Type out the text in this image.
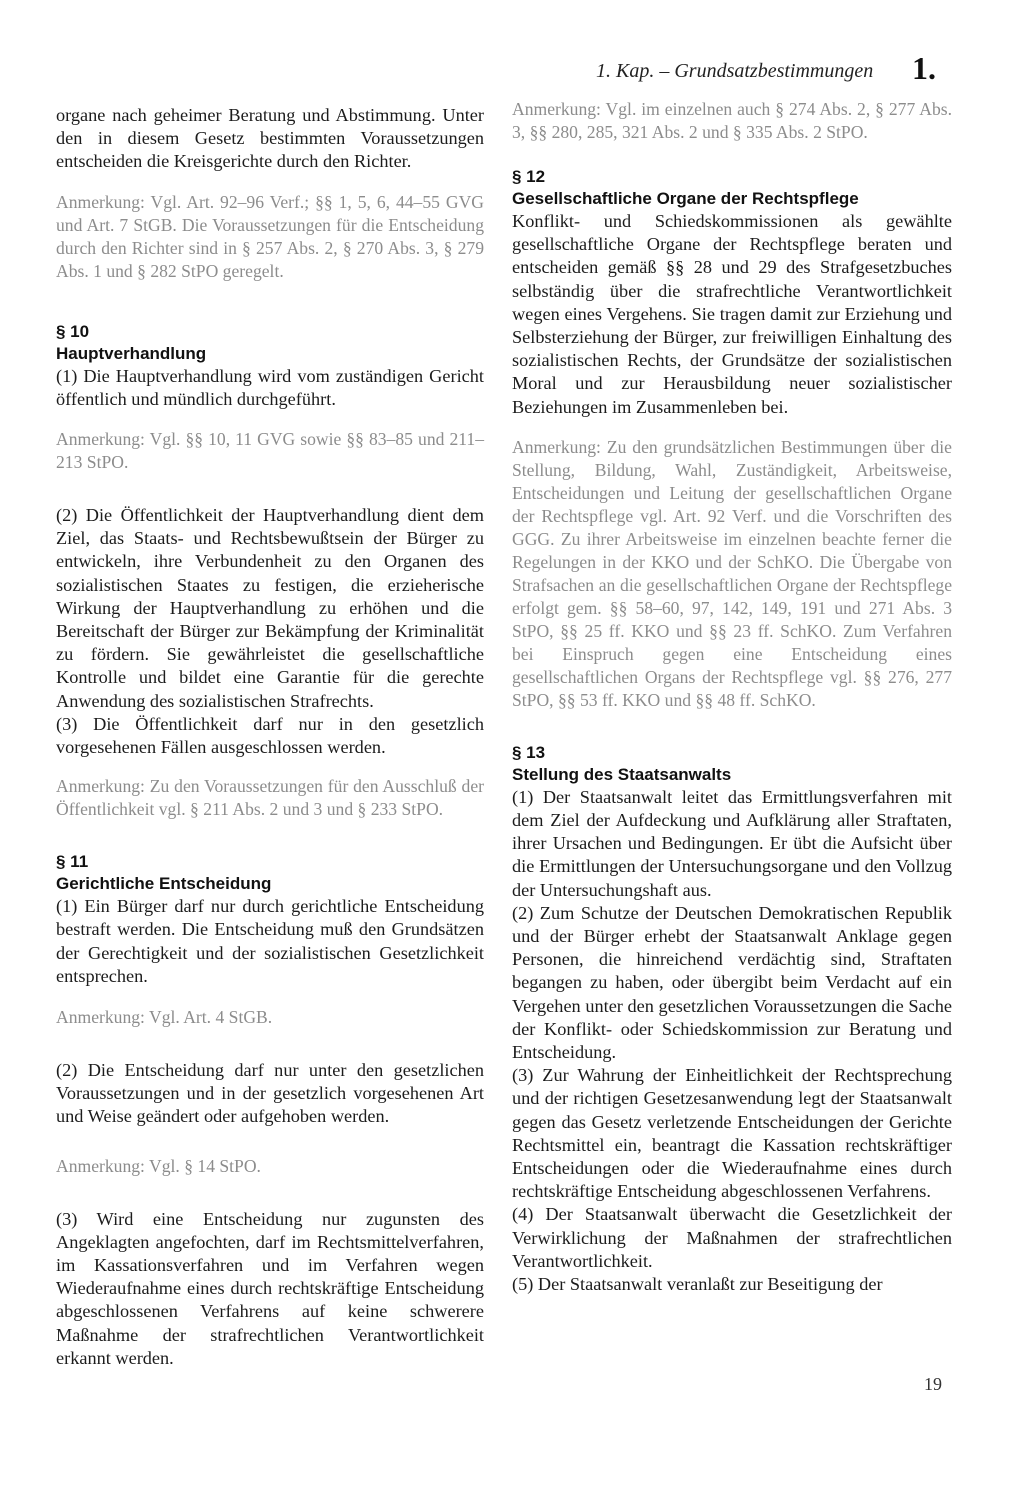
1. Kap. – Grundsatzbestimmungen 1.

organe nach geheimer Beratung und Abstimmung. Unter den in diesem Gesetz bestimmten Voraussetzungen entscheiden die Kreisgerichte durch den Richter.

Anmerkung: Vgl. Art. 92–96 Verf.; §§ 1, 5, 6, 44–55 GVG und Art. 7 StGB. Die Voraussetzungen für die Entscheidung durch den Richter sind in § 257 Abs. 2, § 270 Abs. 3, § 279 Abs. 1 und § 282 StPO geregelt.

§ 10

Hauptverhandlung

(1) Die Hauptverhandlung wird vom zuständigen Gericht öffentlich und mündlich durchgeführt.

Anmerkung: Vgl. §§ 10, 11 GVG sowie §§ 83–85 und 211–213 StPO.

(2) Die Öffentlichkeit der Hauptverhandlung dient dem Ziel, das Staats- und Rechtsbewußtsein der Bürger zu entwickeln, ihre Verbundenheit zu den Organen des sozialistischen Staates zu festigen, die erzieherische Wirkung der Hauptverhandlung zu erhöhen und die Bereitschaft der Bürger zur Bekämpfung der Kriminalität zu fördern. Sie gewährleistet die gesellschaftliche Kontrolle und bildet eine Garantie für die gerechte Anwendung des sozialistischen Strafrechts.

(3) Die Öffentlichkeit darf nur in den gesetzlich vorgesehenen Fällen ausgeschlossen werden.

Anmerkung: Zu den Voraussetzungen für den Ausschluß der Öffentlichkeit vgl. § 211 Abs. 2 und 3 und § 233 StPO.

§ 11

Gerichtliche Entscheidung

(1) Ein Bürger darf nur durch gerichtliche Entscheidung bestraft werden. Die Entscheidung muß den Grundsätzen der Gerechtigkeit und der sozialistischen Gesetzlichkeit entsprechen.

Anmerkung: Vgl. Art. 4 StGB.

(2) Die Entscheidung darf nur unter den gesetzlichen Voraussetzungen und in der gesetzlich vorgesehenen Art und Weise geändert oder aufgehoben werden.

Anmerkung: Vgl. § 14 StPO.

(3) Wird eine Entscheidung nur zugunsten des Angeklagten angefochten, darf im Rechtsmittelverfahren, im Kassationsverfahren und im Verfahren wegen Wiederaufnahme eines durch rechtskräftige Entscheidung abgeschlossenen Verfahrens auf keine schwerere Maßnahme der strafrechtlichen Verantwortlichkeit erkannt werden.

Anmerkung: Vgl. im einzelnen auch § 274 Abs. 2, § 277 Abs. 3, §§ 280, 285, 321 Abs. 2 und § 335 Abs. 2 StPO.

§ 12

Gesellschaftliche Organe der Rechtspflege

Konflikt- und Schiedskommissionen als gewählte gesellschaftliche Organe der Rechtspflege beraten und entscheiden gemäß §§ 28 und 29 des Strafgesetzbuches selbständig über die strafrechtliche Verantwortlichkeit wegen eines Vergehens. Sie tragen damit zur Erziehung und Selbsterziehung der Bürger, zur freiwilligen Einhaltung des sozialistischen Rechts, der Grundsätze der sozialistischen Moral und zur Herausbildung neuer sozialistischer Beziehungen im Zusammenleben bei.

Anmerkung: Zu den grundsätzlichen Bestimmungen über die Stellung, Bildung, Wahl, Zuständigkeit, Arbeitsweise, Entscheidungen und Leitung der gesellschaftlichen Organe der Rechtspflege vgl. Art. 92 Verf. und die Vorschriften des GGG. Zu ihrer Arbeitsweise im einzelnen beachte ferner die Regelungen in der KKO und der SchKO. Die Übergabe von Strafsachen an die gesellschaftlichen Organe der Rechtspflege erfolgt gem. §§ 58–60, 97, 142, 149, 191 und 271 Abs. 3 StPO, §§ 25 ff. KKO und §§ 23 ff. SchKO. Zum Verfahren bei Einspruch gegen eine Entscheidung eines gesellschaftlichen Organs der Rechtspflege vgl. §§ 276, 277 StPO, §§ 53 ff. KKO und §§ 48 ff. SchKO.

§ 13

Stellung des Staatsanwalts

(1) Der Staatsanwalt leitet das Ermittlungsverfahren mit dem Ziel der Aufdeckung und Aufklärung aller Straftaten, ihrer Ursachen und Bedingungen. Er übt die Aufsicht über die Ermittlungen der Untersuchungsorgane und den Vollzug der Untersuchungshaft aus.

(2) Zum Schutze der Deutschen Demokratischen Republik und der Bürger erhebt der Staatsanwalt Anklage gegen Personen, die hinreichend verdächtig sind, Straftaten begangen zu haben, oder übergibt beim Verdacht auf ein Vergehen unter den gesetzlichen Voraussetzungen die Sache der Konflikt- oder Schiedskommission zur Beratung und Entscheidung.

(3) Zur Wahrung der Einheitlichkeit der Rechtsprechung und der richtigen Gesetzesanwendung legt der Staatsanwalt gegen das Gesetz verletzende Entscheidungen der Gerichte Rechtsmittel ein, beantragt die Kassation rechtskräftiger Entscheidungen oder die Wiederaufnahme eines durch rechtskräftige Entscheidung abgeschlossenen Verfahrens.

(4) Der Staatsanwalt überwacht die Gesetzlichkeit der Verwirklichung der Maßnahmen der strafrechtlichen Verantwortlichkeit.

(5) Der Staatsanwalt veranlaßt zur Beseitigung der

19
